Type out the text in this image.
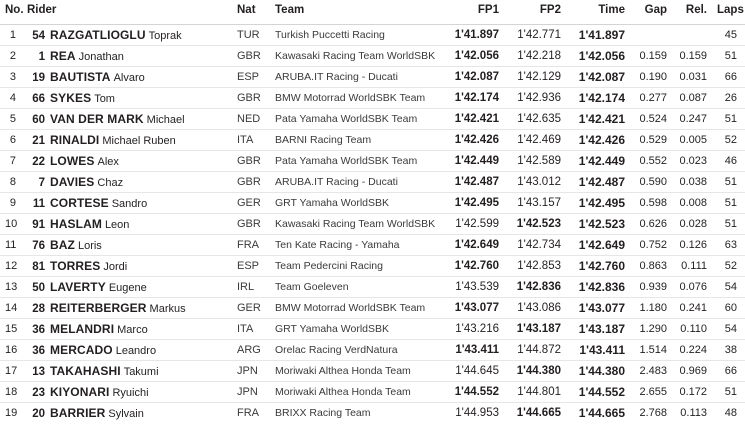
No.	Rider	Nat	Team	FP1	FP2	Time	Gap	Rel.	Laps
1	54 RAZGATLIOGLU Toprak	TUR	Turkish Puccetti Racing	1'41.897	1'42.771	1'41.897			45
2	1 REA Jonathan	GBR	Kawasaki Racing Team WorldSBK	1'42.056	1'42.218	1'42.056	0.159	0.159	51
3	19 BAUTISTA Alvaro	ESP	ARUBA.IT Racing - Ducati	1'42.087	1'42.129	1'42.087	0.190	0.031	66
4	66 SYKES Tom	GBR	BMW Motorrad WorldSBK Team	1'42.174	1'42.936	1'42.174	0.277	0.087	26
5	60 VAN DER MARK Michael	NED	Pata Yamaha WorldSBK Team	1'42.421	1'42.635	1'42.421	0.524	0.247	51
6	21 RINALDI Michael Ruben	ITA	BARNI Racing Team	1'42.426	1'42.469	1'42.426	0.529	0.005	52
7	22 LOWES Alex	GBR	Pata Yamaha WorldSBK Team	1'42.449	1'42.589	1'42.449	0.552	0.023	46
8	7 DAVIES Chaz	GBR	ARUBA.IT Racing - Ducati	1'42.487	1'43.012	1'42.487	0.590	0.038	51
9	11 CORTESE Sandro	GER	GRT Yamaha WorldSBK	1'42.495	1'43.157	1'42.495	0.598	0.008	51
10	91 HASLAM Leon	GBR	Kawasaki Racing Team WorldSBK	1'42.599	1'42.523	1'42.523	0.626	0.028	51
11	76 BAZ Loris	FRA	Ten Kate Racing - Yamaha	1'42.649	1'42.734	1'42.649	0.752	0.126	63
12	81 TORRES Jordi	ESP	Team Pedercini Racing	1'42.760	1'42.853	1'42.760	0.863	0.111	52
13	50 LAVERTY Eugene	IRL	Team Goeleven	1'43.539	1'42.836	1'42.836	0.939	0.076	54
14	28 REITERBERGER Markus	GER	BMW Motorrad WorldSBK Team	1'43.077	1'43.086	1'43.077	1.180	0.241	60
15	36 MELANDRI Marco	ITA	GRT Yamaha WorldSBK	1'43.216	1'43.187	1'43.187	1.290	0.110	54
16	36 MERCADO Leandro	ARG	Orelac Racing VerdNatura	1'43.411	1'44.872	1'43.411	1.514	0.224	38
17	13 TAKAHASHI Takumi	JPN	Moriwaki Althea Honda Team	1'44.645	1'44.380	1'44.380	2.483	0.969	66
18	23 KIYONARI Ryuichi	JPN	Moriwaki Althea Honda Team	1'44.552	1'44.801	1'44.552	2.655	0.172	51
19	20 BARRIER Sylvain	FRA	BRIXX Racing Team	1'44.953	1'44.665	1'44.665	2.768	0.113	48
